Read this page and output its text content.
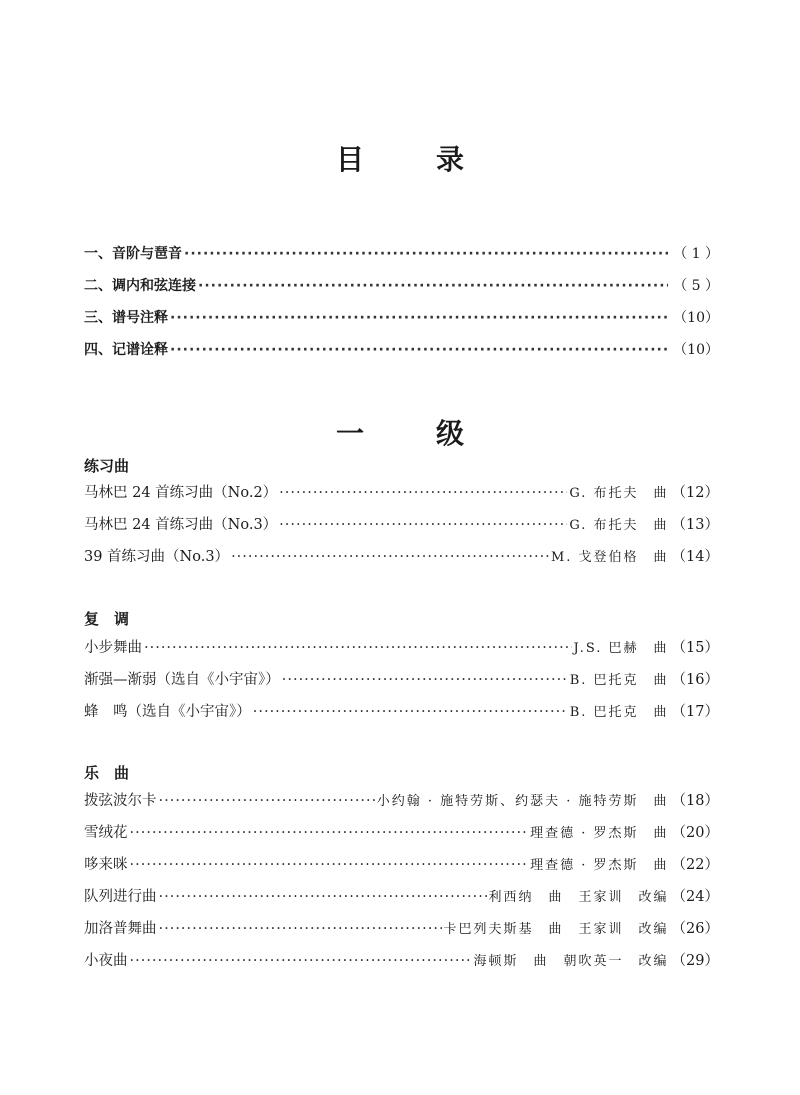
目　录
一、音阶与琶音 ·····	（ 1 ）
二、调内和弦连接 ·····	（ 5 ）
三、谱号注释 ·····	（10）
四、记谱诠释 ·····	（10）
一　级
练习曲
马林巴 24 首练习曲（No.2） ·····	G. 布托夫　曲 （12）
马林巴 24 首练习曲（No.3） ·····	G. 布托夫　曲 （13）
39 首练习曲（No.3） ·····	M. 戈登伯格　曲 （14）
复　调
小步舞曲 ·····	J.S. 巴赫　曲 （15）
渐强—渐弱（选自《小宇宙》） ·····	B. 巴托克　曲 （16）
蜂　鸣（选自《小宇宙》） ·····	B. 巴托克　曲 （17）
乐　曲
拨弦波尔卡 ·····	小约翰 · 施特劳斯、约瑟夫 · 施特劳斯　曲 （18）
雪绒花 ·····	理查德 · 罗杰斯　曲 （20）
哆来咪 ·····	理查德 · 罗杰斯　曲 （22）
队列进行曲 ·····	利西纳　曲　王家训　改编 （24）
加洛普舞曲 ·····	卡巴列夫斯基　曲　王家训　改编 （26）
小夜曲 ·····	海顿斯　曲　朝吹英一　改编 （29）
